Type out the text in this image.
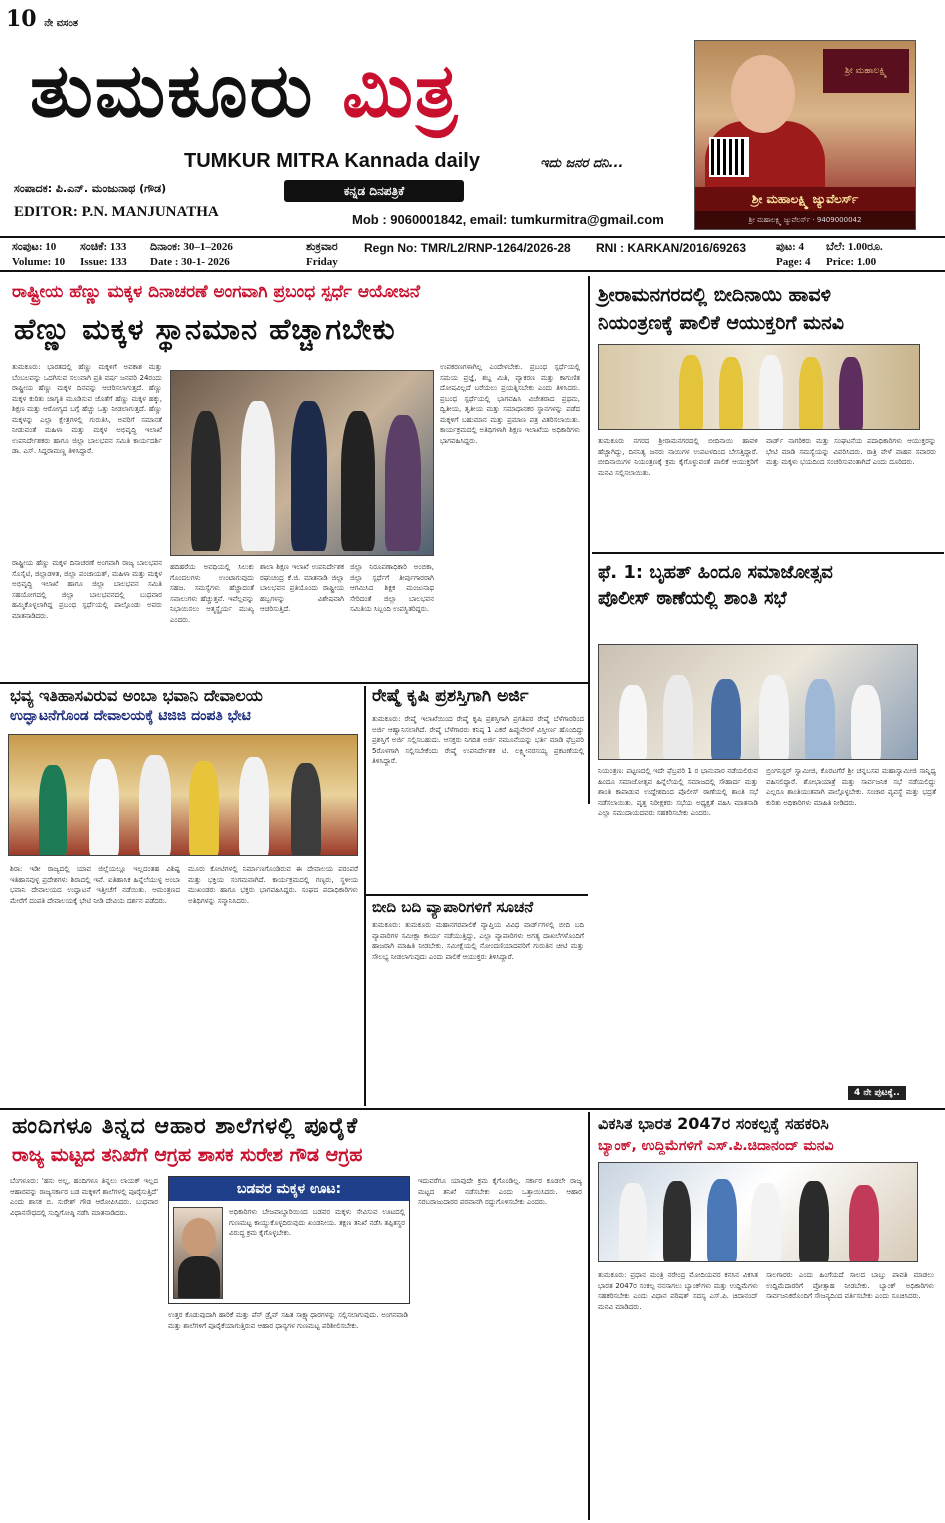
10 ನೇ ವಸಂತ
ತುಮಕೂರು ಮಿತ್ರ
TUMKUR MITRA Kannada daily	ಇದು ಜನರ ದನಿ...
ಕನ್ನಡ ದಿನಪತ್ರಿಕೆ
ಸಂಪಾದಕ: ಪಿ.ಎನ್. ಮಂಜುನಾಥ (ಗೌಡ)
EDITOR: P.N. MANJUNATHA	Mob : 9060001842, email: tumkurmitra@gmail.com
ಶ್ರೀ ಮಹಾಲಕ್ಷ್ಮಿ
ಶ್ರೀ ಮಹಾಲಕ್ಷ್ಮಿ ಜ್ಯುವೆಲರ್ಸ್
ಶ್ರೀ ಮಹಾಲಕ್ಷ್ಮಿ ಜ್ಯುವೆಲರ್ಸ್ · 9409000042
ಸಂಪುಟ: 10 ಸಂಚಿಕೆ: 133 ದಿನಾಂಕ: 30–1–2026	ಶುಕ್ರವಾರ
Volume: 10 Issue: 133 Date : 30-1- 2026	Friday
Regn No: TMR/L2/RNP-1264/2026-28 RNI : KARKAN/2016/69263	ಪುಟ: 4 ಬೆಲೆ: 1.00ರೂ.
Page: 4 Price: 1.00
ರಾಷ್ಟ್ರೀಯ ಹೆಣ್ಣು ಮಕ್ಕಳ ದಿನಾಚರಣೆ ಅಂಗವಾಗಿ ಪ್ರಬಂಧ ಸ್ಪರ್ಧೆ ಆಯೋಜನೆ
ಹೆಣ್ಣು ಮಕ್ಕಳ ಸ್ಥಾನಮಾನ ಹೆಚ್ಚಾಗಬೇಕು
ತುಮಕೂರು: ಭಾರತದಲ್ಲಿ ಹೆಣ್ಣು ಮಕ್ಕಳಿಗೆ ಅವಕಾಶ ಮತ್ತು ಬೆಂಬಲವನ್ನು ಒದಗಿಸುವ ಸಲುವಾಗಿ ಪ್ರತಿ ವರ್ಷ ಜನವರಿ 24ರಂದು ರಾಷ್ಟ್ರೀಯ ಹೆಣ್ಣು ಮಕ್ಕಳ ದಿನವನ್ನು ಆಚರಿಸಲಾಗುತ್ತದೆ. ಹೆಣ್ಣು ಮಕ್ಕಳ ಕುರಿತು ಜಾಗೃತಿ ಮೂಡಿಸುವ ಜೊತೆಗೆ ಹೆಣ್ಣು ಮಕ್ಕಳ ಹಕ್ಕು, ಶಿಕ್ಷಣ ಮತ್ತು ಆರೋಗ್ಯದ ಬಗ್ಗೆ ಹೆಚ್ಚು ಒತ್ತು ನೀಡಲಾಗುತ್ತದೆ. ಹೆಣ್ಣು ಮಕ್ಕಳನ್ನು ಎಲ್ಲಾ ಕ್ಷೇತ್ರಗಳಲ್ಲಿ ಗುರುತಿಸಿ, ಅವರಿಗೆ ಸಮಾನತೆ ನೀಡುವಂತೆ ಮಹಿಳಾ ಮತ್ತು ಮಕ್ಕಳ ಅಭಿವೃದ್ಧಿ ಇಲಾಖೆ ಉಪನಿರ್ದೇಶಕರು ಹಾಗೂ ಜಿಲ್ಲಾ ಬಾಲಭವನ ಸಮಿತಿ ಕಾರ್ಯದರ್ಶಿ ಡಾ. ಎಸ್. ಸಿದ್ದರಾಮಣ್ಣ ತಿಳಿಸಿದ್ದಾರೆ.
ರಾಷ್ಟ್ರೀಯ ಹೆಣ್ಣು ಮಕ್ಕಳ ದಿನಾಚರಣೆ ಅಂಗವಾಗಿ ರಾಜ್ಯ ಬಾಲಭವನ ಸೊಸೈಟಿ, ಜಿಲ್ಲಾಡಳಿತ, ಜಿಲ್ಲಾ ಪಂಚಾಯತ್, ಮಹಿಳಾ ಮತ್ತು ಮಕ್ಕಳ ಅಭಿವೃದ್ಧಿ ಇಲಾಖೆ ಹಾಗೂ ಜಿಲ್ಲಾ ಬಾಲಭವನ ಸಮಿತಿ ಸಹಯೋಗದಲ್ಲಿ ಜಿಲ್ಲಾ ಬಾಲಭವನದಲ್ಲಿ ಬುಧವಾರ ಹಮ್ಮಿಕೊಳ್ಳಲಾಗಿದ್ದ ಪ್ರಬಂಧ ಸ್ಪರ್ಧೆಯಲ್ಲಿ ಪಾಲ್ಗೊಂಡು ಅವರು ಮಾತನಾಡಿದರು.
ಉಪಕರಣಗಳಾಗಿಲ್ಲ ಎಂದೇಳಬೇಕು. ಪ್ರಬಂಧ ಸ್ಪರ್ಧೆಯಲ್ಲಿ ಸಮಯ ಪ್ರಜ್ಞೆ, ಶಬ್ದ ಮಿತಿ, ವ್ಯಾಕರಣ ಮತ್ತು ಕಾಗುಣಿತ ದೋಷವಿಲ್ಲದೆ ಬರೆಯಲು ಪ್ರಯತ್ನಿಸಬೇಕು ಎಂದು ತಿಳಿಸಿದರು. ಪ್ರಬಂಧ ಸ್ಪರ್ಧೆಯಲ್ಲಿ ಭಾಗವಹಿಸಿ ವಿಜೇತರಾದ ಪ್ರಥಮ, ದ್ವಿತೀಯ, ತೃತೀಯ ಮತ್ತು ಸಮಾಧಾನಕರ ಸ್ಥಾನಗಳನ್ನು ಪಡೆದ ಮಕ್ಕಳಿಗೆ ಬಹುಮಾನ ಮತ್ತು ಪ್ರಮಾಣ ಪತ್ರ ವಿತರಿಸಲಾಯಿತು. ಕಾರ್ಯಕ್ರಮದಲ್ಲಿ ಅತಿಥಿಗಳಾಗಿ ಶಿಕ್ಷಣ ಇಲಾಖೆಯ ಅಧಿಕಾರಿಗಳು ಭಾಗವಹಿಸಿದ್ದರು.
ಹದಿಹರೆಯ ಅವಧಿಯಲ್ಲಿ ಸಿಲುಕು ಗೊಂದಲಗಳು ಉಂಟಾಗುವುದು ಸಹಜ. ಸಮಸ್ಯೆಗಳು ಹೆಚ್ಚಾದಂತೆ ಸವಾಲುಗಳು ಹೆಚ್ಚುತ್ತವೆ. ಇವೆಲ್ಲವನ್ನು ನಿಭಾಯಿಸಲು ಆತ್ಮಸ್ಥೈರ್ಯ ಮುಖ್ಯ ಎಂದರು.
ಶಾಲಾ ಶಿಕ್ಷಣ ಇಲಾಖೆ ಉಪನಿರ್ದೇಶಕ ರಘುಚಂದ್ರ ಕೆ.ಜಿ. ಮಾತನಾಡಿ ಜಿಲ್ಲಾ ಬಾಲಭವನ ಪ್ರತಿಯೊಂದು ರಾಷ್ಟ್ರೀಯ ಹಬ್ಬಗಳನ್ನು ವಿಶೇಷವಾಗಿ ಆಚರಿಸುತ್ತಿದೆ.
ಜಿಲ್ಲಾ ನಿರೂಪಣಾಧಿಕಾರಿ ಅಂಬಿಕಾ, ಜಿಲ್ಲಾ ಸ್ಪರ್ಧೆಗೆ ತೀರ್ಪುಗಾರರಾಗಿ ಆಗಮಿಸಿದ ಶಿಕ್ಷಕ ಮಂಜುನಾಥ ಸೇರಿದಂತೆ ಜಿಲ್ಲಾ ಬಾಲಭವನ ಸಮಿತಿಯ ಸಿಬ್ಬಂದಿ ಉಪಸ್ಥಿತರಿದ್ದರು.
ಶ್ರೀರಾಮನಗರದಲ್ಲಿ ಬೀದಿನಾಯಿ ಹಾವಳಿ
ನಿಯಂತ್ರಣಕ್ಕೆ ಪಾಲಿಕೆ ಆಯುಕ್ತರಿಗೆ ಮನವಿ
ತುಮಕೂರು ನಗರದ ಶ್ರೀರಾಮನಗರದಲ್ಲಿ ಬೀದಿನಾಯಿ ಹಾವಳಿ ಹೆಚ್ಚಾಗಿದ್ದು, ದಿನನಿತ್ಯ ಜನರು ನಾಯಿಗಳ ಉಪಟಳದಿಂದ ಬೇಸತ್ತಿದ್ದಾರೆ. ಬೀದಿನಾಯಿಗಳ ನಿಯಂತ್ರಣಕ್ಕೆ ಕ್ರಮ ಕೈಗೊಳ್ಳುವಂತೆ ಪಾಲಿಕೆ ಆಯುಕ್ತರಿಗೆ ಮನವಿ ಸಲ್ಲಿಸಲಾಯಿತು.
ವಾರ್ಡ್ ನಾಗರಿಕರು ಮತ್ತು ಸಂಘಟನೆಯ ಪದಾಧಿಕಾರಿಗಳು ಆಯುಕ್ತರನ್ನು ಭೇಟಿ ಮಾಡಿ ಸಮಸ್ಯೆಯನ್ನು ವಿವರಿಸಿದರು. ರಾತ್ರಿ ವೇಳೆ ವಾಹನ ಸವಾರರು ಮತ್ತು ಮಕ್ಕಳು ಭಯದಿಂದ ಸಂಚರಿಸುವಂತಾಗಿದೆ ಎಂದು ದೂರಿದರು.
ಫೆ. 1: ಬೃಹತ್ ಹಿಂದೂ ಸಮಾಜೋತ್ಸವ
ಪೊಲೀಸ್ ಠಾಣೆಯಲ್ಲಿ ಶಾಂತಿ ಸಭೆ
ನಿಯಂತ್ರಣ: ಪಟ್ಟಣದಲ್ಲಿ ಇದೇ ಫೆಬ್ರವರಿ 1 ರ ಭಾನುವಾರ ನಡೆಯಲಿರುವ ಹಿಂದೂ ಸಮಾಜೋತ್ಸವ ಹಿನ್ನೆಲೆಯಲ್ಲಿ ಸಮಾಜದಲ್ಲಿ ಸೌಹಾರ್ದ ಮತ್ತು ಶಾಂತಿ ಕಾಪಾಡುವ ಉದ್ದೇಶದಿಂದ ಪೊಲೀಸ್ ಠಾಣೆಯಲ್ಲಿ ಶಾಂತಿ ಸಭೆ ನಡೆಸಲಾಯಿತು. ವೃತ್ತ ನಿರೀಕ್ಷಕರು ಸಭೆಯ ಅಧ್ಯಕ್ಷತೆ ವಹಿಸಿ ಮಾತನಾಡಿ ಎಲ್ಲಾ ಸಮುದಾಯದವರು ಸಹಕರಿಸಬೇಕು ಎಂದರು.
ಬ್ರಿಂಗನಿಸ್ಟರ್ ಸ್ವಾಮೀಜಿ, ಕೊರಟಗೆರೆ ಶ್ರೀ ಚನ್ನಬಸವ ಮಹಾಸ್ವಾಮೀಜಿ ಸಾನ್ನಿಧ್ಯ ವಹಿಸಲಿದ್ದಾರೆ. ಶೋಭಾಯಾತ್ರೆ ಮತ್ತು ಸಾರ್ವಜನಿಕ ಸಭೆ ನಡೆಯಲಿದ್ದು ಎಲ್ಲರೂ ಶಾಂತಿಯುತವಾಗಿ ಪಾಲ್ಗೊಳ್ಳಬೇಕು. ಸಂಚಾರ ವ್ಯವಸ್ಥೆ ಮತ್ತು ಭದ್ರತೆ ಕುರಿತು ಅಧಿಕಾರಿಗಳು ಮಾಹಿತಿ ನೀಡಿದರು.
4 ನೇ ಪುಟಕ್ಕೆ..
ಭವ್ಯ ಇತಿಹಾಸವಿರುವ ಅಂಬಾ ಭವಾನಿ ದೇವಾಲಯ
ಉದ್ಘಾಟನೆಗೊಂಡ ದೇವಾಲಯಕ್ಕೆ ಟಿಜಿಜಿ ದಂಪತಿ ಭೇಟಿ
ಶಿರಾ: ಇಡೀ ರಾಜ್ಯದಲ್ಲಿ ಯಾವ ಜಿಲ್ಲೆಯಲ್ಲೂ ಇಲ್ಲದಂತಹ ವಿಶಿಷ್ಟ ಇತಿಹಾಸವುಳ್ಳ ಪ್ರದೇಶಗಳು ಶಿರಾದಲ್ಲಿ ಇವೆ. ಐತಿಹಾಸಿಕ ಹಿನ್ನೆಲೆಯುಳ್ಳ ಅಂಬಾ ಭವಾನಿ ದೇವಾಲಯದ ಉದ್ಘಾಟನೆ ಇತ್ತೀಚೆಗೆ ನಡೆಯಿತು. ಆಮಂತ್ರಣದ ಮೇರೆಗೆ ದಂಪತಿ ದೇವಾಲಯಕ್ಕೆ ಭೇಟಿ ನೀಡಿ ದೇವಿಯ ದರ್ಶನ ಪಡೆದರು.
ಮೂರು ಕೋಟಿಗಳಲ್ಲಿ ನಿರ್ಮಾಣಗೊಂಡಿರುವ ಈ ದೇವಾಲಯ ಪರಂಪರೆ ಮತ್ತು ಭಕ್ತಿಯ ಸಂಗಮವಾಗಿದೆ. ಕಾರ್ಯಕ್ರಮದಲ್ಲಿ ಗಣ್ಯರು, ಸ್ಥಳೀಯ ಮುಖಂಡರು ಹಾಗೂ ಭಕ್ತರು ಭಾಗವಹಿಸಿದ್ದರು. ಸಂಘದ ಪದಾಧಿಕಾರಿಗಳು ಅತಿಥಿಗಳನ್ನು ಸನ್ಮಾನಿಸಿದರು.
ರೇಷ್ಮೆ ಕೃಷಿ ಪ್ರಶಸ್ತಿಗಾಗಿ ಅರ್ಜಿ
ತುಮಕೂರು: ರೇಷ್ಮೆ ಇಲಾಖೆಯಿಂದ ರೇಷ್ಮೆ ಕೃಷಿ ಪ್ರಶಸ್ತಿಗಾಗಿ ಪ್ರಗತಿಪರ ರೇಷ್ಮೆ ಬೆಳೆಗಾರರಿಂದ ಅರ್ಜಿ ಆಹ್ವಾನಿಸಲಾಗಿದೆ. ರೇಷ್ಮೆ ಬೆಳೆಗಾರರು ಕನಿಷ್ಠ 1 ಎಕರೆ ಹಿಪ್ಪುನೇರಳೆ ವಿಸ್ತೀರ್ಣ ಹೊಂದಿದ್ದು ಪ್ರಶಸ್ತಿಗೆ ಅರ್ಜಿ ಸಲ್ಲಿಸಬಹುದು. ಆಸಕ್ತರು ನಿಗದಿತ ಅರ್ಜಿ ನಮೂನೆಯನ್ನು ಭರ್ತಿ ಮಾಡಿ ಫೆಬ್ರವರಿ 5ರೊಳಗಾಗಿ ಸಲ್ಲಿಸಬೇಕೆಂದು ರೇಷ್ಮೆ ಉಪನಿರ್ದೇಶಕ ಟಿ. ಲಕ್ಷ್ಮೀನರಸಯ್ಯ ಪ್ರಕಟಣೆಯಲ್ಲಿ ತಿಳಿಸಿದ್ದಾರೆ.
ಬೀದಿ ಬದಿ ವ್ಯಾಪಾರಿಗಳಿಗೆ ಸೂಚನೆ
ತುಮಕೂರು: ತುಮಕೂರು ಮಹಾನಗರಪಾಲಿಕೆ ವ್ಯಾಪ್ತಿಯ ವಿವಿಧ ವಾರ್ಡ್‌ಗಳಲ್ಲಿ ಬೀದಿ ಬದಿ ವ್ಯಾಪಾರಿಗಳ ಸಮೀಕ್ಷಾ ಕಾರ್ಯ ನಡೆಯುತ್ತಿದ್ದು, ಎಲ್ಲಾ ವ್ಯಾಪಾರಿಗಳು ಅಗತ್ಯ ದಾಖಲೆಗಳೊಂದಿಗೆ ಹಾಜರಾಗಿ ಮಾಹಿತಿ ನೀಡಬೇಕು. ಸಮೀಕ್ಷೆಯಲ್ಲಿ ನೋಂದಣಿಯಾದವರಿಗೆ ಗುರುತಿನ ಚೀಟಿ ಮತ್ತು ಸೌಲಭ್ಯ ನೀಡಲಾಗುವುದು ಎಂದು ಪಾಲಿಕೆ ಆಯುಕ್ತರು ತಿಳಿಸಿದ್ದಾರೆ.
ಹಂದಿಗಳೂ ತಿನ್ನದ ಆಹಾರ ಶಾಲೆಗಳಲ್ಲಿ ಪೂರೈಕೆ
ರಾಜ್ಯ ಮಟ್ಟದ ತನಿಖೆಗೆ ಆಗ್ರಹ ಶಾಸಕ ಸುರೇಶ ಗೌಡ ಆಗ್ರಹ
ಬೆಂಗಳೂರು: 'ಹಸು ಅಲ್ಲ, ಹಂದಿಗಳೂ ತಿನ್ನಲು ಲಾಯಕ್ ಇಲ್ಲದ ಆಹಾರವನ್ನು ರಾಜ್ಯಸರ್ಕಾರ ಬಡ ಮಕ್ಕಳಿಗೆ ಶಾಲೆಗಳಲ್ಲಿ ಪೂರೈಸುತ್ತಿದೆ' ಎಂದು ಶಾಸಕ ಬಿ. ಸುರೇಶ್ ಗೌಡ ಆರೋಪಿಸಿದರು. ಬುಧವಾರ ವಿಧಾನಸೌಧದಲ್ಲಿ ಸುದ್ದಿಗೋಷ್ಠಿ ನಡೆಸಿ ಮಾತನಾಡಿದರು.
ಬಡವರ ಮಕ್ಕಳ ಊಟ:
ಅಧಿಕಾರಿಗಳು ಬೇಜವಾಬ್ದಾರಿಯಿಂದ ಬಡವರ ಮಕ್ಕಳು ಸೇವಿಸುವ ಊಟದಲ್ಲಿ ಗುಣಮಟ್ಟ ಕಾಯ್ದುಕೊಳ್ಳದಿರುವುದು ಖಂಡನೀಯ. ತಕ್ಷಣ ತನಿಖೆ ನಡೆಸಿ ತಪ್ಪಿತಸ್ಥರ ವಿರುದ್ಧ ಕ್ರಮ ಕೈಗೊಳ್ಳಬೇಕು.
ಉತ್ತರ ಕೊಡುವುದಾಗಿ ಹಾರಿಕೆ ಮತ್ತು ಪೆನ್ ಡ್ರೈವ್ ಸಹಿತ ಸಾಕ್ಷ್ಯಾಧಾರಗಳನ್ನು ಸಲ್ಲಿಸಲಾಗುವುದು. ಅಂಗನವಾಡಿ ಮತ್ತು ಶಾಲೆಗಳಿಗೆ ಪೂರೈಕೆಯಾಗುತ್ತಿರುವ ಆಹಾರ ಧಾನ್ಯಗಳ ಗುಣಮಟ್ಟ ಪರಿಶೀಲಿಸಬೇಕು.
ಇದುವರೆಗೂ ಯಾವುದೇ ಕ್ರಮ ಕೈಗೊಂಡಿಲ್ಲ. ಸರ್ಕಾರ ಕೂಡಲೇ ರಾಜ್ಯ ಮಟ್ಟದ ತನಿಖೆ ನಡೆಸಬೇಕು ಎಂದು ಒತ್ತಾಯಿಸಿದರು. ಆಹಾರ ಸರಬರಾಜುದಾರರ ಪರವಾನಗಿ ರದ್ದುಗೊಳಿಸಬೇಕು ಎಂದರು.
ವಿಕಸಿತ ಭಾರತ 2047ರ ಸಂಕಲ್ಪಕ್ಕೆ ಸಹಕರಿಸಿ
ಬ್ಯಾಂಕ್, ಉದ್ದಿಮೆಗಳಿಗೆ ಎಸ್.ಪಿ.ಚಿದಾನಂದ್ ಮನವಿ
ತುಮಕೂರು: ಪ್ರಧಾನ ಮಂತ್ರಿ ನರೇಂದ್ರ ಮೋದಿಯವರ ಕನಸಿನ ವಿಕಸಿತ ಭಾರತ 2047ರ ಸಂಕಲ್ಪ ನನಸಾಗಲು ಬ್ಯಾಂಕ್‌ಗಳು ಮತ್ತು ಉದ್ದಿಮೆಗಳು ಸಹಕರಿಸಬೇಕು ಎಂದು ವಿಧಾನ ಪರಿಷತ್ ಸದಸ್ಯ ಎಸ್.ಪಿ. ಚಿದಾನಂದ್ ಮನವಿ ಮಾಡಿದರು.
ಸಾಲಗಾರರು ಎಂದು ಹಿಂಗೆಯದೆ ಸಾಲದ ಬಾಬ್ತು ಪಾವತಿ ಮಾಡಲು ಉದ್ದಿಮೆದಾರರಿಗೆ ಪ್ರೋತ್ಸಾಹ ನೀಡಬೇಕು. ಬ್ಯಾಂಕ್ ಅಧಿಕಾರಿಗಳು ಸಾರ್ವಜನಿಕರೊಂದಿಗೆ ಸೌಜನ್ಯದಿಂದ ವರ್ತಿಸಬೇಕು ಎಂದು ಸೂಚಿಸಿದರು.
